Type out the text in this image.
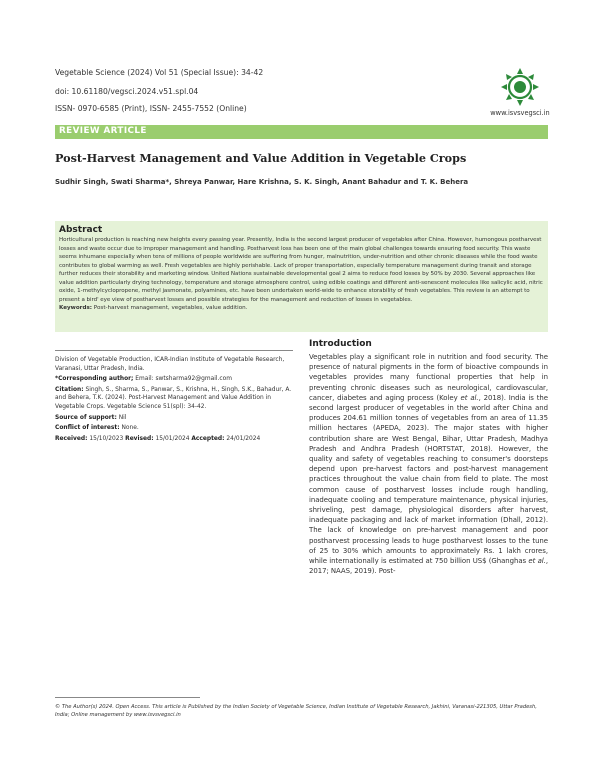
Vegetable Science (2024) Vol 51 (Special Issue): 34-42
doi: 10.61180/vegsci.2024.v51.spl.04
ISSN- 0970-6585 (Print), ISSN- 2455-7552 (Online)	www.isvsvegsci.in
REVIEW ARTICLE
Post-Harvest Management and Value Addition in Vegetable Crops
Sudhir Singh, Swati Sharma*, Shreya Panwar, Hare Krishna, S. K. Singh, Anant Bahadur and T. K. Behera
Abstract
Horticultural production is reaching new heights every passing year. Presently, India is the second largest producer of vegetables after China. However, humongous postharvest losses and waste occur due to improper management and handling. Postharvest loss has been one of the main global challenges towards ensuring food security. This waste seems inhumane especially when tens of millions of people worldwide are suffering from hunger, malnutrition, under-nutrition and other chronic diseases while the food waste contributes to global warming as well. Fresh vegetables are highly perishable. Lack of proper transportation, especially temperature management during transit and storage further reduces their storability and marketing window. United Nations sustainable developmental goal 2 aims to reduce food losses by 50% by 2030. Several approaches like value addition particularly drying technology, temperature and storage atmosphere control, using edible coatings and different anti-senescent molecules like salicylic acid, nitric oxide, 1-methylcyclopropene, methyl jasmonate, polyamines, etc. have been undertaken world-wide to enhance storability of fresh vegetables. This review is an attempt to present a bird' eye view of postharvest losses and possible strategies for the management and reduction of losses in vegetables.
Keywords: Post-harvest management, vegetables, value addition.

Division of Vegetable Production, ICAR-Indian Institute of Vegetable Research, Varanasi, Uttar Pradesh, India.

*Corresponding author; Email: swtsharma92@gmail.com

Citation: Singh, S., Sharma, S., Panwar, S., Krishna, H., Singh, S.K., Bahadur, A. and Behera, T.K. (2024). Post-Harvest Management and Value Addition in Vegetable Crops. Vegetable Science 51(spl): 34-42.

Source of support: Nil

Conflict of interest: None.

Received: 15/10/2023 Revised: 15/01/2024 Accepted: 24/01/2024

Introduction
Vegetables play a significant role in nutrition and food security. The presence of natural pigments in the form of bioactive compounds in vegetables provides many functional properties that help in preventing chronic diseases such as neurological, cardiovascular, cancer, diabetes and aging process (Koley et al., 2018). India is the second largest producer of vegetables in the world after China and produces 204.61 million tonnes of vegetables from an area of 11.35 million hectares (APEDA, 2023). The major states with higher contribution share are West Bengal, Bihar, Uttar Pradesh, Madhya Pradesh and Andhra Pradesh (HORTSTAT, 2018). However, the quality and safety of vegetables reaching to consumer's doorsteps depend upon pre-harvest factors and post-harvest management practices throughout the value chain from field to plate. The most common cause of postharvest losses include rough handling, inadequate cooling and temperature maintenance, physical injuries, shriveling, pest damage, physiological disorders after harvest, inadequate packaging and lack of market information (Dhall, 2012). The lack of knowledge on pre-harvest management and poor postharvest processing leads to huge postharvest losses to the tune of 25 to 30% which amounts to approximately Rs. 1 lakh crores, while internationally is estimated at 750 billion US$ (Ghanghas et al., 2017; NAAS, 2019). Post-
© The Author(s) 2024. Open Access. This article is Published by the Indian Society of Vegetable Science, Indian Institute of Vegetable Research, Jakhini, Varanasi-221305, Uttar Pradesh, India; Online management by www.isvsvegsci.in
